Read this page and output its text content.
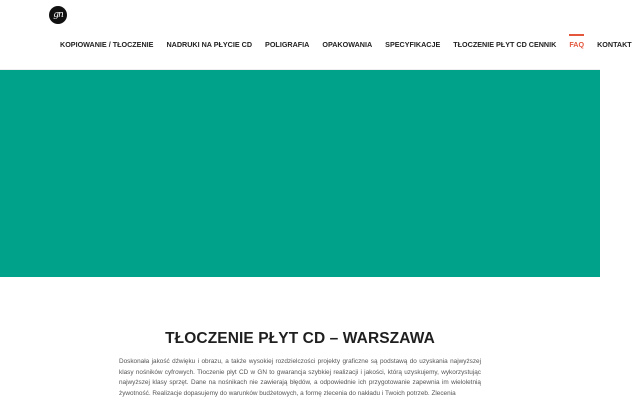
gn
KOPIOWANIE / TŁOCZENIE NADRUKI NA PŁYCIE CD POLIGRAFIA OPAKOWANIA SPECYFIKACJE TŁOCZENIE PŁYT CD CENNIK FAQ KONTAKT
TŁOCZENIE PŁYT CD – WARSZAWA

Doskonała jakość dźwięku i obrazu, a także wysokiej rozdzielczości projekty graficzne są podstawą do uzyskania najwyższej klasy nośników cyfrowych. Tłoczenie płyt CD w GN to gwarancja szybkiej realizacji i jakości, którą uzyskujemy, wykorzystując najwyższej klasy sprzęt. Dane na nośnikach nie zawierają błędów, a odpowiednie ich przygotowanie zapewnia im wieloletnią żywotność. Realizacje dopasujemy do warunków budżetowych, a formę zlecenia do nakładu i Twoich potrzeb. Zlecenia
